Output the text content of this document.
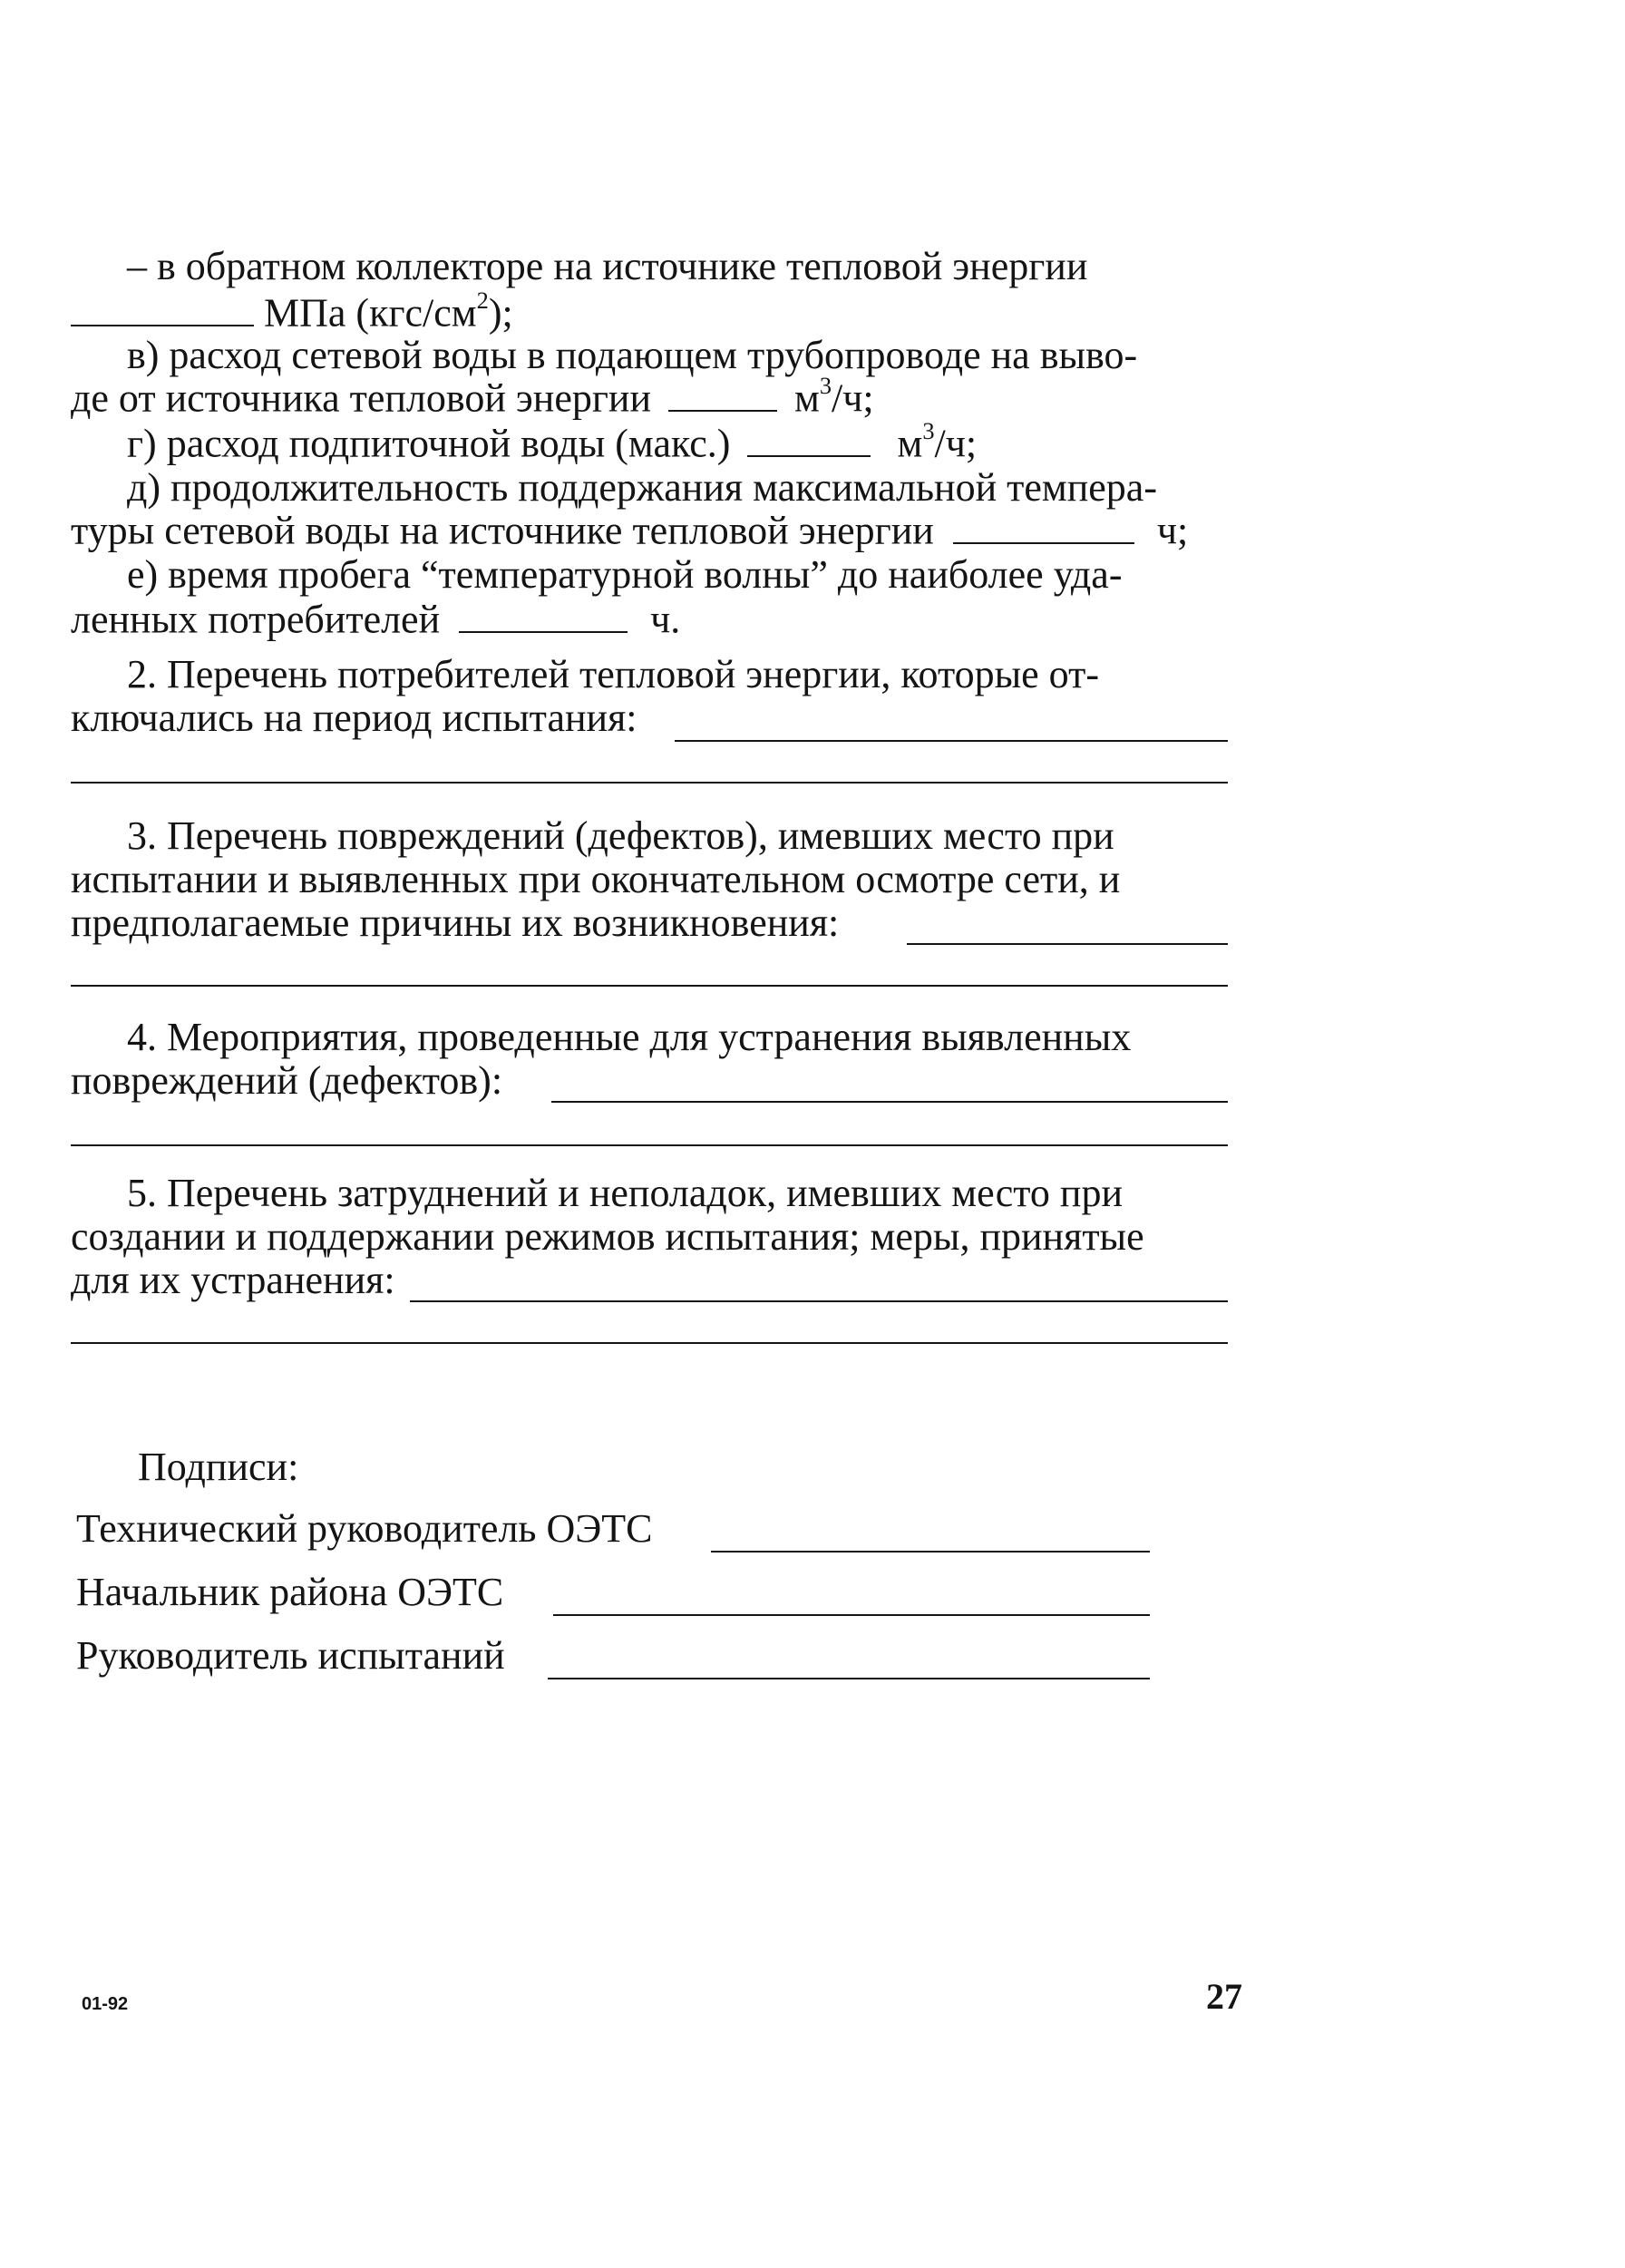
– в обратном коллекторе на источнике тепловой энергии
МПа $(кгс/см^2)$;
в) расход сетевой воды в подающем трубопроводе на выво-
де от источника тепловой энергии	$м^3/ч$;
г) расход подпиточной воды (макс.)	$м^3/ч$;
д) продолжительность поддержания максимальной темпера-
туры сетевой воды на источнике тепловой энергии	ч;
е) время пробега “температурной волны” до наиболее уда-
ленных потребителей	ч.
2. Перечень потребителей тепловой энергии, которые от-
ключались на период испытания:
3. Перечень повреждений (дефектов), имевших место при
испытании и выявленных при окончательном осмотре сети, и
предполагаемые причины их возникновения:
4. Мероприятия, проведенные для устранения выявленных
повреждений (дефектов):
5. Перечень затруднений и неполадок, имевших место при
создании и поддержании режимов испытания; меры, принятые
для их устранения:
Подписи:
Технический руководитель ОЭТС
Начальник района ОЭТС
Руководитель испытаний
01-92	27
